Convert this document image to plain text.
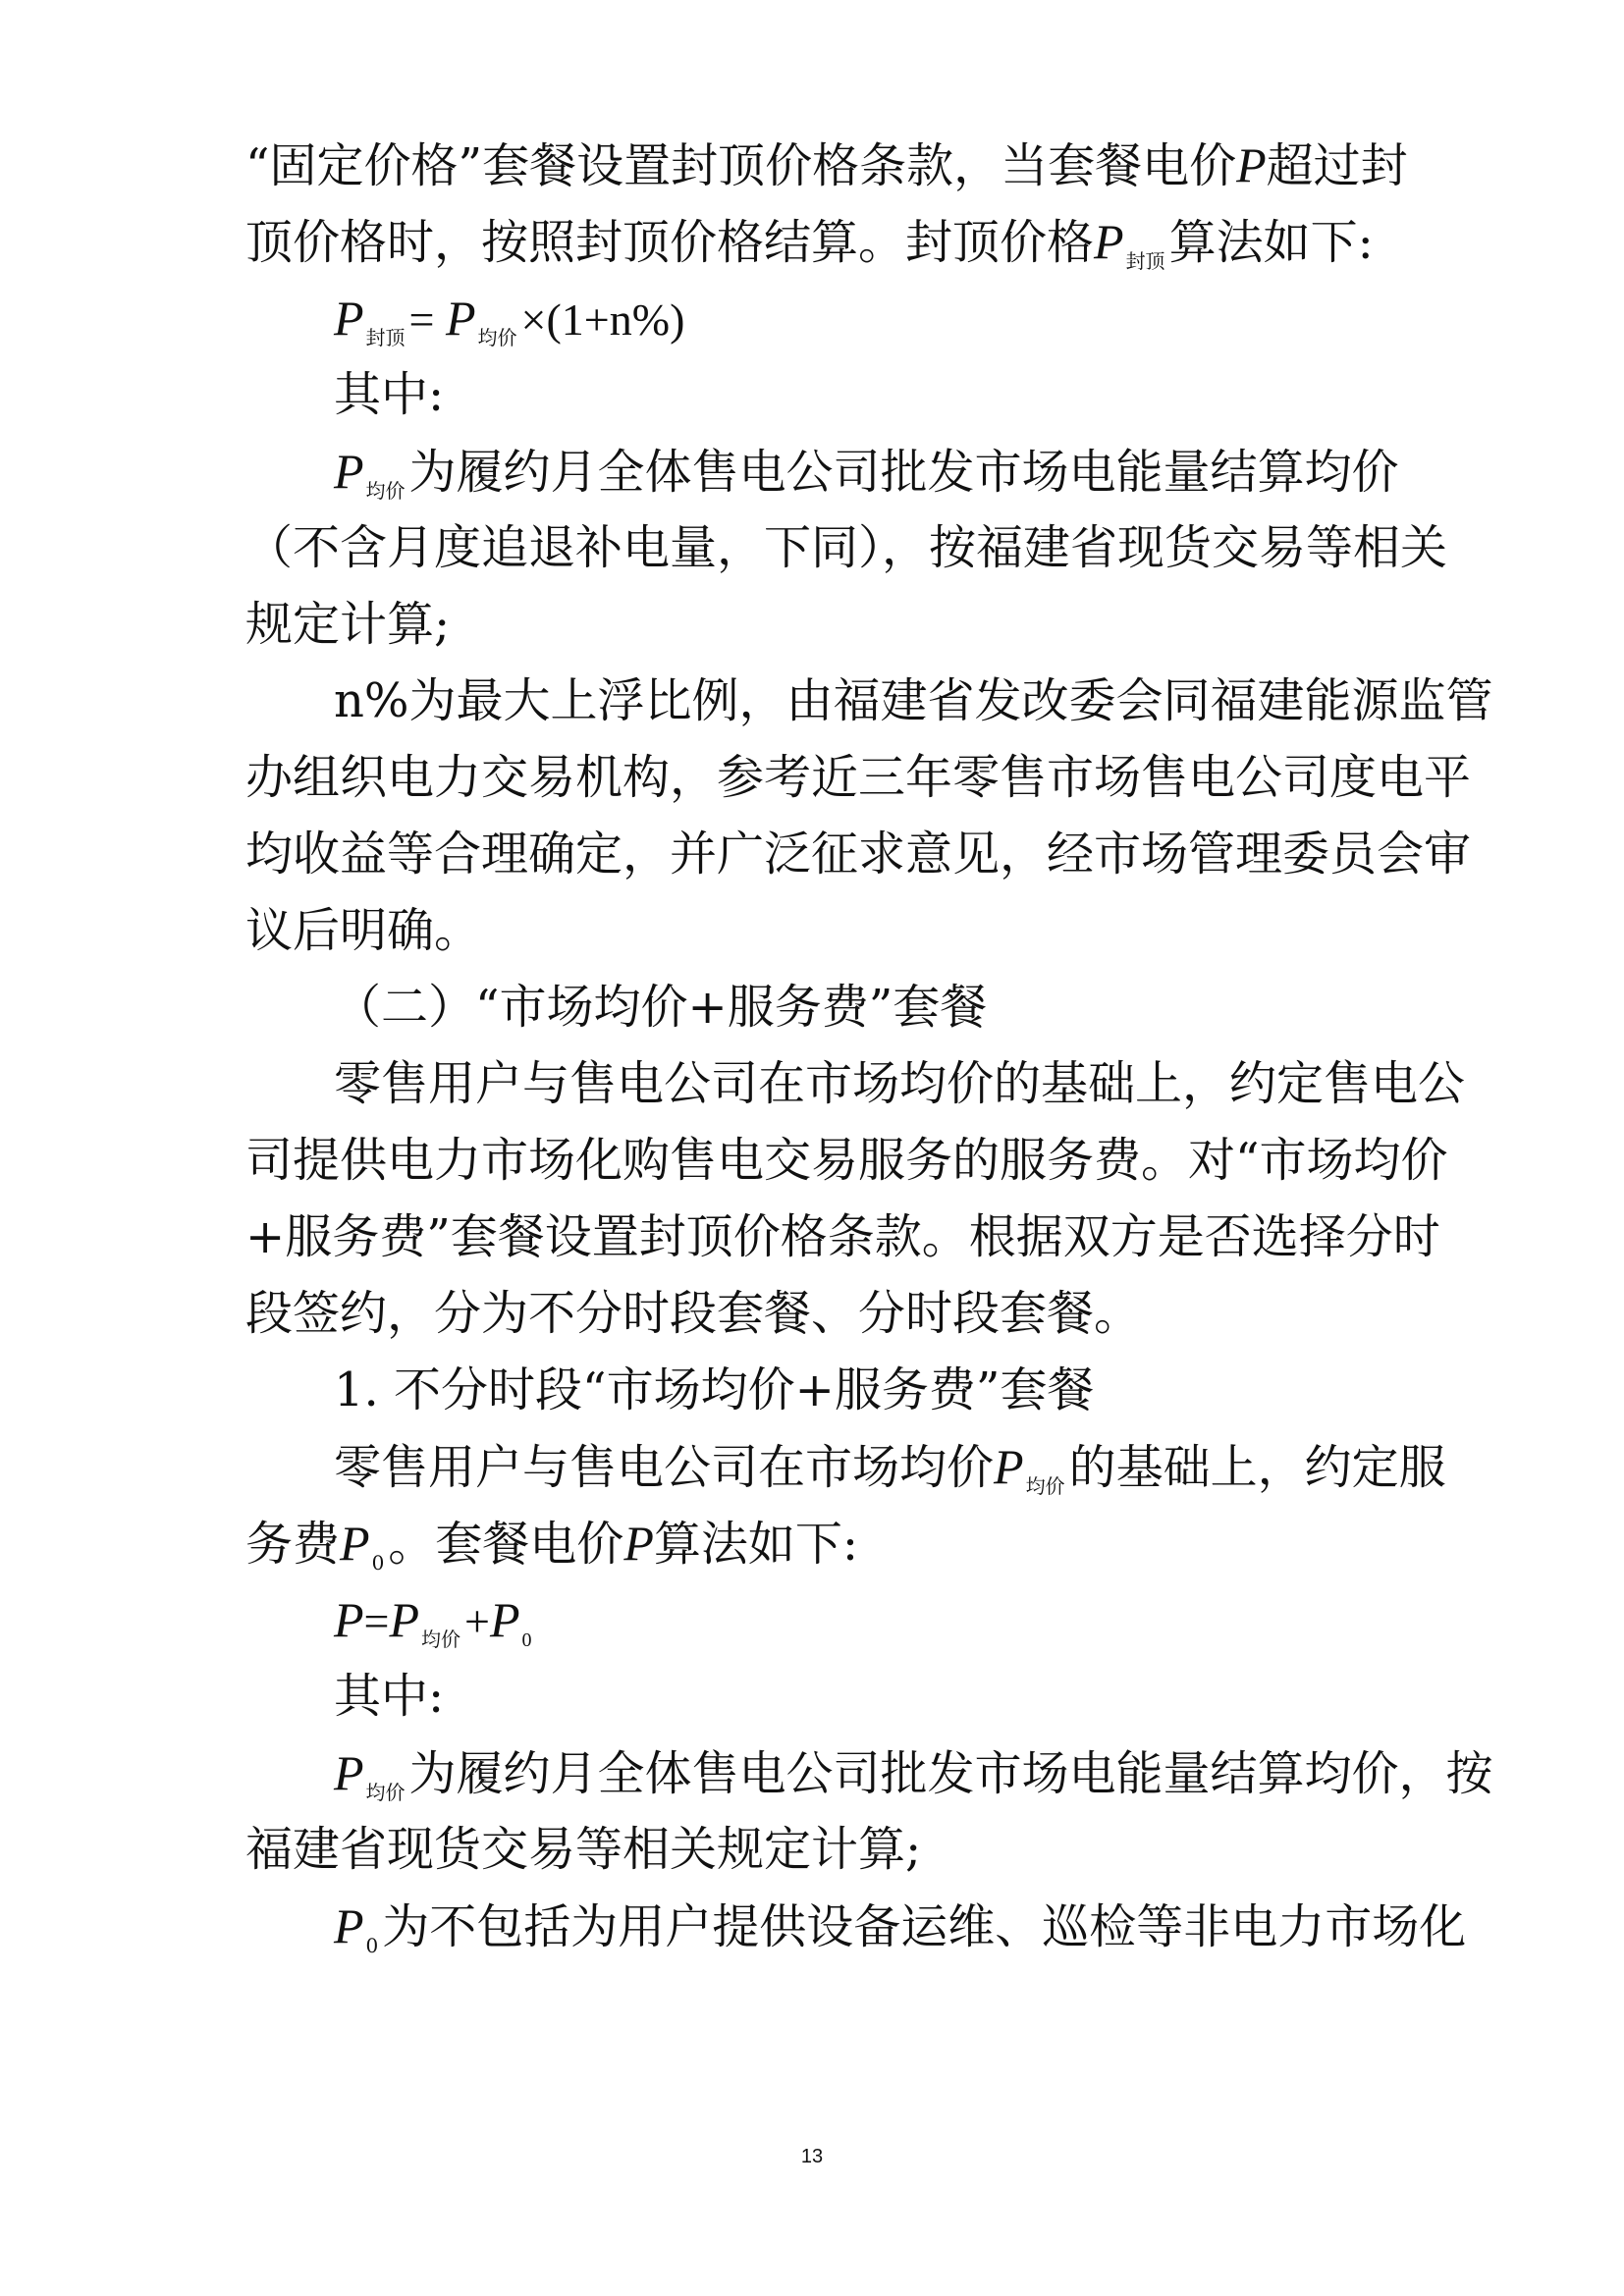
“固定价格”套餐设置封顶价格条款，当套餐电价P超过封
顶价格时，按照封顶价格结算。封顶价格P $_{封顶}$算法如下:
P $_{封顶}$= P $_{均价}$×(1+n%)
其中:
P $_{均价}$为履约月全体售电公司批发市场电能量结算均价
（不含月度追退补电量，下同），按福建省现货交易等相关
规定计算;
n%为最大上浮比例，由福建省发改委会同福建能源监管
办组织电力交易机构，参考近三年零售市场售电公司度电平
均收益等合理确定，并广泛征求意见，经市场管理委员会审
议后明确。
（二）“市场均价+服务费”套餐
零售用户与售电公司在市场均价的基础上，约定售电公
司提供电力市场化购售电交易服务的服务费。对“市场均价
+服务费”套餐设置封顶价格条款。根据双方是否选择分时
段签约，分为不分时段套餐、分时段套餐。
1. 不分时段“市场均价+服务费”套餐
零售用户与售电公司在市场均价P $_{均价}$的基础上，约定服
务费P $_0$。套餐电价P算法如下:
P=P $_{均价}$+P $_0$
其中:
P $_{均价}$为履约月全体售电公司批发市场电能量结算均价，按
福建省现货交易等相关规定计算;
P $_0$为不包括为用户提供设备运维、巡检等非电力市场化
13
